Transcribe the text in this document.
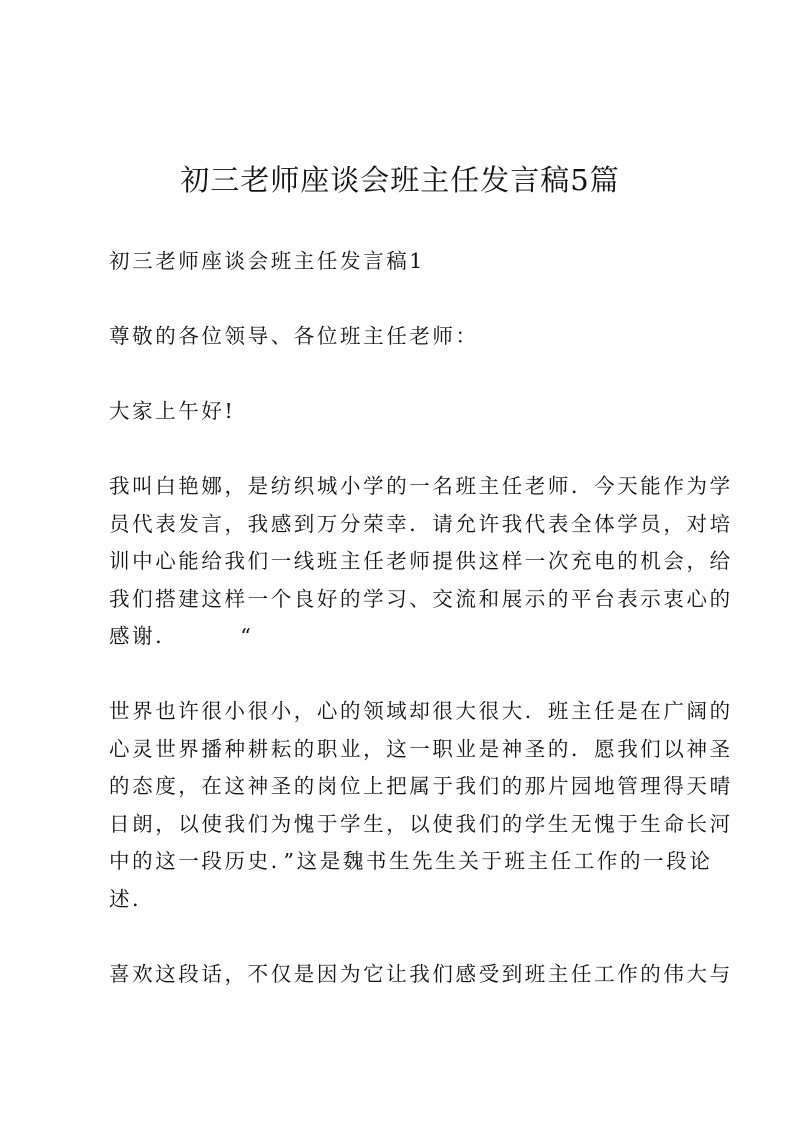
初三老师座谈会班主任发言稿5篇
初三老师座谈会班主任发言稿1
尊敬的各位领导、各位班主任老师：
大家上午好!
我叫白艳娜，是纺织城小学的一名班主任老师．今天能作为学
员代表发言，我感到万分荣幸．请允许我代表全体学员，对培
训中心能给我们一线班主任老师提供这样一次充电的机会，给
我们搭建这样一个良好的学习、交流和展示的平台表示衷心的
感谢．	“
世界也许很小很小，心的领域却很大很大．班主任是在广阔的
心灵世界播种耕耘的职业，这一职业是神圣的．愿我们以神圣
的态度，在这神圣的岗位上把属于我们的那片园地管理得天晴
日朗，以使我们为愧于学生，以使我们的学生无愧于生命长河
中的这一段历史．”这是魏书生先生关于班主任工作的一段论
述．
喜欢这段话，不仅是因为它让我们感受到班主任工作的伟大与
